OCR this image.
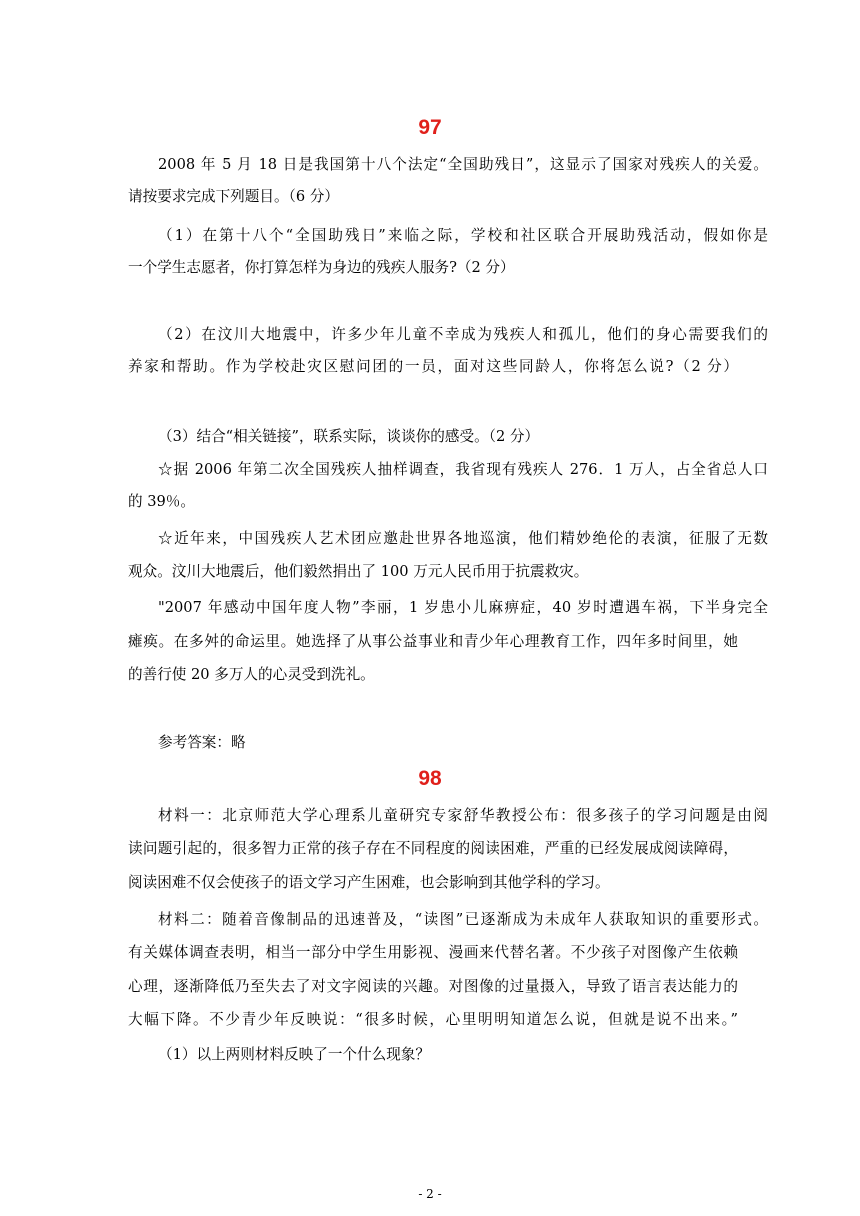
97
2008 年 5 月 18 日是我国第十八个法定“全国助残日”，这显示了国家对残疾人的关爱。
请按要求完成下列题目。（6 分）
（1）在第十八个“全国助残日”来临之际，学校和社区联合开展助残活动，假如你是
一个学生志愿者，你打算怎样为身边的残疾人服务?（2 分）
（2）在汶川大地震中，许多少年儿童不幸成为残疾人和孤儿，他们的身心需要我们的
养家和帮助。作为学校赴灾区慰问团的一员，面对这些同龄人，你将怎么说?（2 分）
（3）结合“相关链接”，联系实际，谈谈你的感受。（2 分）
☆据 2006 年第二次全国残疾人抽样调查，我省现有残疾人 276．1 万人，占全省总人口
的 39％。
☆近年来，中国残疾人艺术团应邀赴世界各地巡演，他们精妙绝伦的表演，征服了无数
观众。汶川大地震后，他们毅然捐出了 100 万元人民币用于抗震救灾。
"2007 年感动中国年度人物”李丽，1 岁患小儿麻痹症，40 岁时遭遇车祸，下半身完全
瘫痪。在多舛的命运里。她选择了从事公益事业和青少年心理教育工作，四年多时间里，她
的善行使 20 多万人的心灵受到洗礼。
参考答案：略
98
材料一：北京师范大学心理系儿童研究专家舒华教授公布：很多孩子的学习问题是由阅
读问题引起的，很多智力正常的孩子存在不同程度的阅读困难，严重的已经发展成阅读障碍，
阅读困难不仅会使孩子的语文学习产生困难，也会影响到其他学科的学习。
材料二：随着音像制品的迅速普及，“读图”已逐渐成为未成年人获取知识的重要形式。
有关媒体调查表明，相当一部分中学生用影视、漫画来代替名著。不少孩子对图像产生依赖
心理，逐渐降低乃至失去了对文字阅读的兴趣。对图像的过量摄入，导致了语言表达能力的
大幅下降。不少青少年反映说：“很多时候，心里明明知道怎么说，但就是说不出来。”
（1）以上两则材料反映了一个什么现象？
- 2 -
